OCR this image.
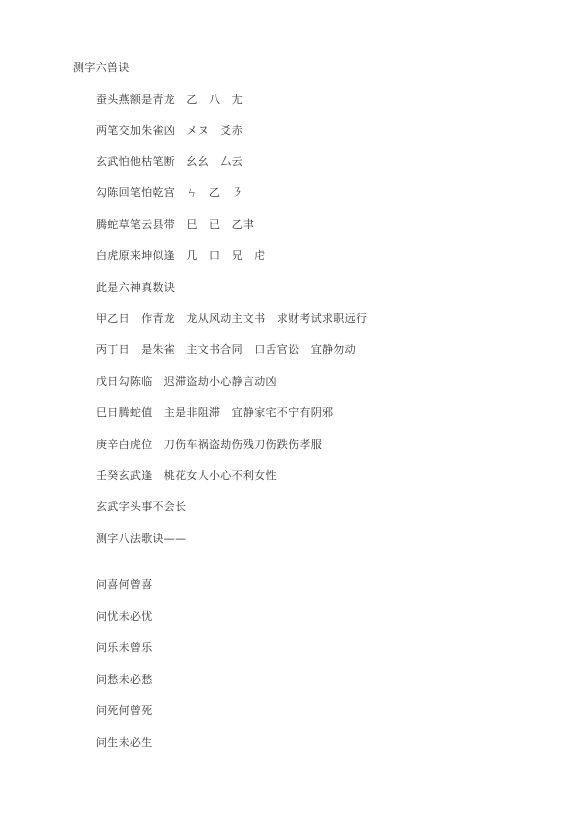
测字六兽诀
蚕头燕额是青龙　乙　八　尢
两笔交加朱雀凶　メヌ　爻赤
玄武怕他枯笔断　幺幺　厶云
勾陈回笔怕乾宫　ㄣ　乙　㇋
腾蛇草笔云县带　巳　已　乙聿
白虎原来坤似逢　几　口　兄　虍
此是六神真数诀
甲乙日　作青龙　龙从风动主文书　求财考试求职远行
丙丁日　是朱雀　主文书合同　口舌官讼　宜静勿动
戊日勾陈临　迟滞盗劫小心静言动凶
巳日腾蛇值　主是非阻滞　宜静家宅不宁有阴邪
庚辛白虎位　刀伤车祸盗劫伤残刀伤跌伤孝服
壬癸玄武逢　桃花女人小心不利女性
玄武字头事不会长
测字八法歌诀——
问喜何曾喜
问忧未必忧
问乐未曾乐
问愁未必愁
问死何曾死
问生未必生
